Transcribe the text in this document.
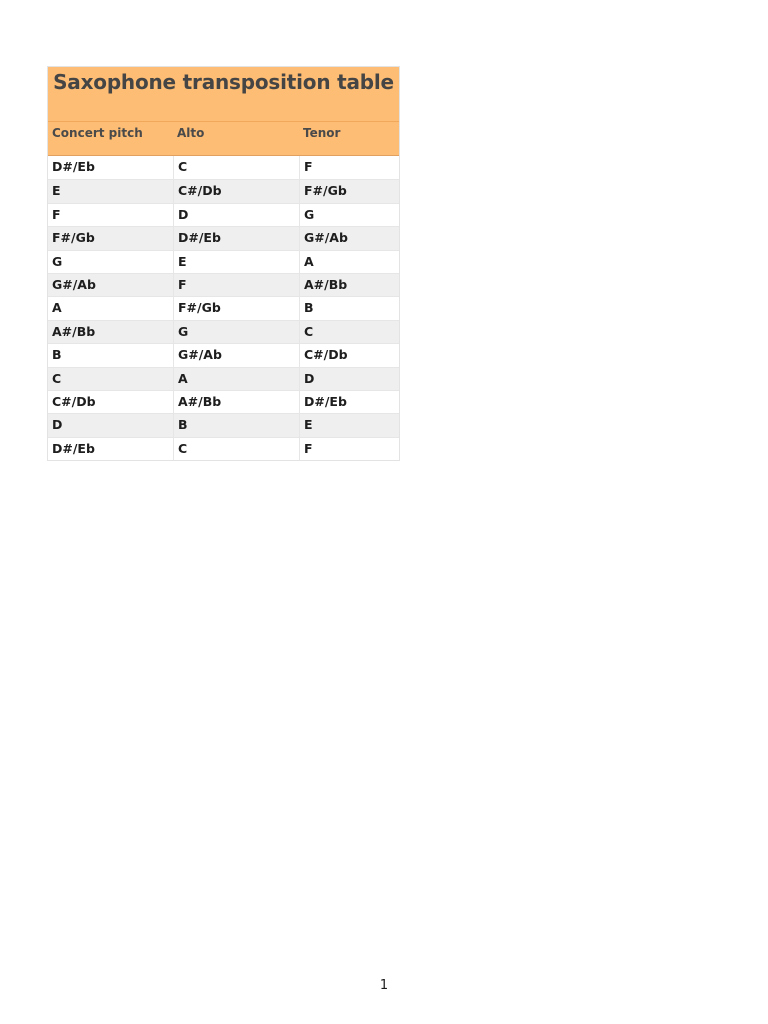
Saxophone transposition table
Concert pitch	Alto	Tenor
D#/Eb	C	F
E	C#/Db	F#/Gb
F	D	G
F#/Gb	D#/Eb	G#/Ab
G	E	A
G#/Ab	F	A#/Bb
A	F#/Gb	B
A#/Bb	G	C
B	G#/Ab	C#/Db
C	A	D
C#/Db	A#/Bb	D#/Eb
D	B	E
D#/Eb	C	F
1
